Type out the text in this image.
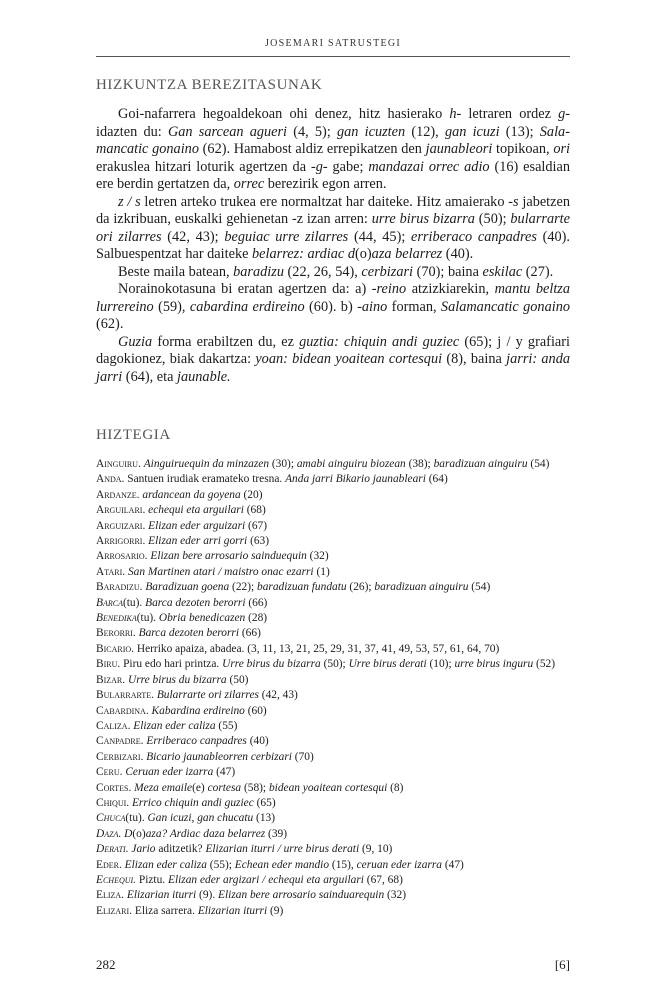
JOSEMARI SATRUSTEGI
HIZKUNTZA BEREZITASUNAK

Goi-nafarrera hegoaldekoan ohi denez, hitz hasierako h- letraren ordez g- idazten du: Gan sarcean agueri (4, 5); gan icuzten (12), gan icuzi (13); Salamancatic gonaino (62). Hamabost aldiz errepikatzen den jaunableori topikoan, ori erakuslea hitzari loturik agertzen da -g- gabe; mandazai orrec adio (16) esaldian ere berdin gertatzen da, orrec berezirik egon arren.

z / s letren arteko trukea ere normaltzat har daiteke. Hitz amaierako -s jabetzen da izkribuan, euskalki gehienetan -z izan arren: urre birus bizarra (50); bularrarte ori zilarres (42, 43); beguiac urre zilarres (44, 45); erriberaco canpadres (40). Salbuespentzat har daiteke belarrez: ardiac d(o)aza belarrez (40).

Beste maila batean, baradizu (22, 26, 54), cerbizari (70); baina eskilac (27).

Norainokotasuna bi eratan agertzen da: a) -reino atzizkiarekin, mantu beltza lurrereino (59), cabardina erdireino (60). b) -aino forman, Salamancatic gonaino (62).

Guzia forma erabiltzen du, ez guztia: chiquin andi guziec (65); j / y grafiari dagokionez, biak dakartza: yoan: bidean yoaitean cortesqui (8), baina jarri: anda jarri (64), eta jaunable.

HIZTEGIA
Ainguiru. Ainguiruequin da minzazen (30); amabi ainguiru biozean (38); baradizuan ainguiru (54)
Anda. Santuen irudiak eramateko tresna. Anda jarri Bikario jaunableari (64)
Ardanze. ardancean da goyena (20)
Arguilari. echequi eta arguilari (68)
Arguizari. Elizan eder arguizari (67)
Arrigorri. Elizan eder arri gorri (63)
Arrosario. Elizan bere arrosario sainduequin (32)
Atari. San Martinen atari / maistro onac ezarri (1)
Baradizu. Baradizuan goena (22); baradizuan fundatu (26); baradizuan ainguiru (54)
Barca(tu). Barca dezoten berorri (66)
Benedika(tu). Obria benedicazen (28)
Berorri. Barca dezoten berorri (66)
Bicario. Herriko apaiza, abadea. (3, 11, 13, 21, 25, 29, 31, 37, 41, 49, 53, 57, 61, 64, 70)
Biru. Piru edo hari printza. Urre birus du bizarra (50); Urre birus derati (10); urre birus inguru (52)
Bizar. Urre birus du bizarra (50)
Bularrarte. Bularrarte ori zilarres (42, 43)
Cabardina. Kabardina erdireino (60)
Caliza. Elizan eder caliza (55)
Canpadre. Erriberaco canpadres (40)
Cerbizari. Bicario jaunableorren cerbizari (70)
Ceru. Ceruan eder izarra (47)
Cortes. Meza emaile(e) cortesa (58); bidean yoaitean cortesqui (8)
Chiqui. Errico chiquin andi guziec (65)
Chuca(tu). Gan icuzi, gan chucatu (13)
Daza. D(o)aza? Ardiac daza belarrez (39)
Derati. Jario aditzetik? Elizarian iturri / urre birus derati (9, 10)
Eder. Elizan eder caliza (55); Echean eder mandio (15), ceruan eder izarra (47)
Echequi. Piztu. Elizan eder argizari / echequi eta arguilari (67, 68)
Eliza. Elizarian iturri (9). Elizan bere arrosario sainduarequin (32)
Elizari. Eliza sarrera. Elizarian iturri (9)
282	[6]
